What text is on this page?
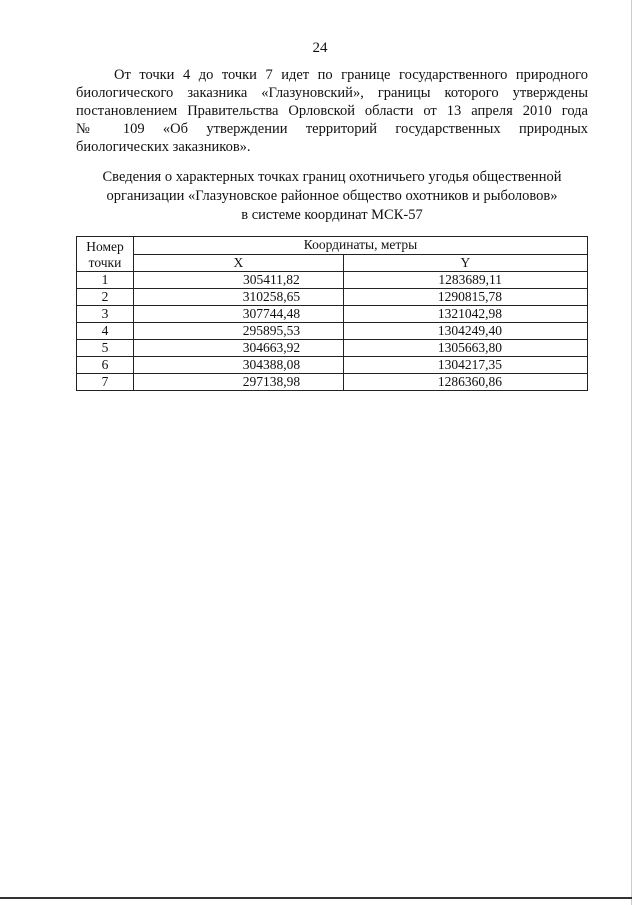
24
От точки 4 до точки 7 идет по границе государственного природного
биологического заказника «Глазуновский», границы которого утверждены
постановлением Правительства Орловской области от 13 апреля 2010 года
№ 109 «Об утверждении территорий государственных природных
биологических заказников».
Сведения о характерных точках границ охотничьего угодья общественной
организации «Глазуновское районное общество охотников и рыболовов»
в системе координат МСК-57
Номер
точки	Координаты, метры	
	X	Y
1	305411,82	1283689,11
2	310258,65	1290815,78
3	307744,48	1321042,98
4	295895,53	1304249,40
5	304663,92	1305663,80
6	304388,08	1304217,35
7	297138,98	1286360,86
